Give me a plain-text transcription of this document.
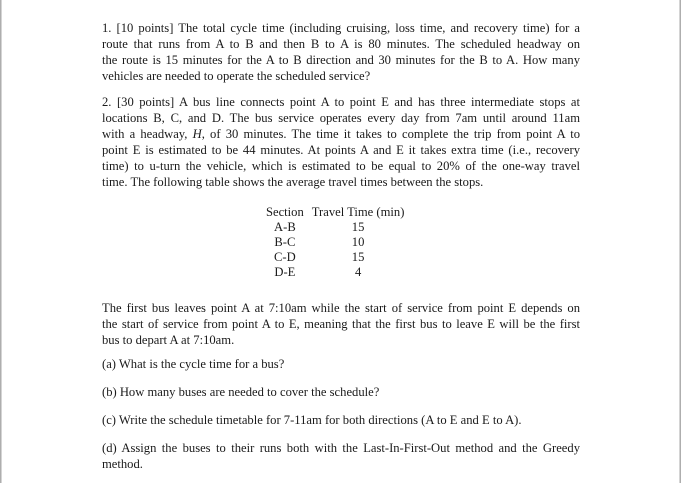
1. [10 points] The total cycle time (including cruising, loss time, and recovery time) for a
route that runs from A to B and then B to A is 80 minutes. The scheduled headway on
the route is 15 minutes for the A to B direction and 30 minutes for the B to A. How many
vehicles are needed to operate the scheduled service?
2. [30 points] A bus line connects point A to point E and has three intermediate stops at
locations B, C, and D. The bus service operates every day from 7am until around 11am
with a headway, H, of 30 minutes. The time it takes to complete the trip from point A to
point E is estimated to be 44 minutes. At points A and E it takes extra time (i.e., recovery
time) to u-turn the vehicle, which is estimated to be equal to 20% of the one-way travel
time. The following table shows the average travel times between the stops.
Section	Travel Time (min)
A-B	15
B-C	10
C-D	15
D-E	4
The first bus leaves point A at 7:10am while the start of service from point E depends on
the start of service from point A to E, meaning that the first bus to leave E will be the first
bus to depart A at 7:10am.

(a) What is the cycle time for a bus?

(b) How many buses are needed to cover the schedule?

(c) Write the schedule timetable for 7-11am for both directions (A to E and E to A).

(d) Assign the buses to their runs both with the Last-In-First-Out method and the Greedy
method.
